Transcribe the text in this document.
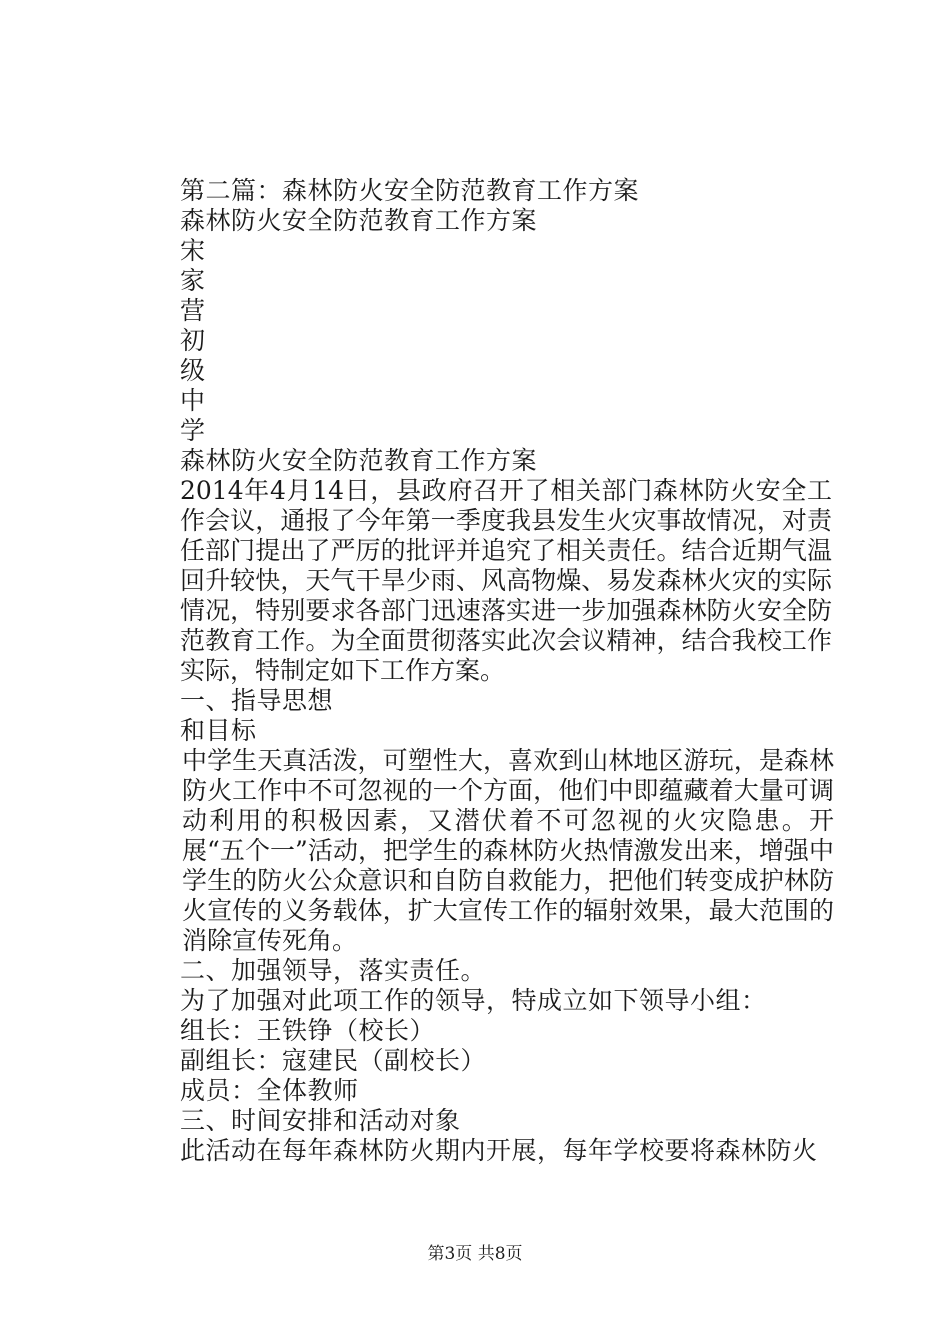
第二篇：森林防火安全防范教育工作方案
森林防火安全防范教育工作方案
宋
家
营
初
级
中
学
森林防火安全防范教育工作方案
2014年4月14日，县政府召开了相关部门森林防火安全工作会议，通报了今年第一季度我县发生火灾事故情况，对责任部门提出了严厉的批评并追究了相关责任。结合近期气温回升较快，天气干旱少雨、风高物燥、易发森林火灾的实际情况，特别要求各部门迅速落实进一步加强森林防火安全防范教育工作。为全面贯彻落实此次会议精神，结合我校工作实际，特制定如下工作方案。
一、指导思想
和目标
中学生天真活泼，可塑性大，喜欢到山林地区游玩，是森林防火工作中不可忽视的一个方面，他们中即蕴藏着大量可调动利用的积极因素，又潜伏着不可忽视的火灾隐患。开展“五个一”活动，把学生的森林防火热情激发出来，增强中学生的防火公众意识和自防自救能力，把他们转变成护林防火宣传的义务载体，扩大宣传工作的辐射效果，最大范围的消除宣传死角。
二、加强领导，落实责任。
为了加强对此项工作的领导，特成立如下领导小组：
组长：王铁铮（校长）
副组长：寇建民（副校长）
成员：全体教师
三、时间安排和活动对象
此活动在每年森林防火期内开展，每年学校要将森林防火
第3页 共8页
